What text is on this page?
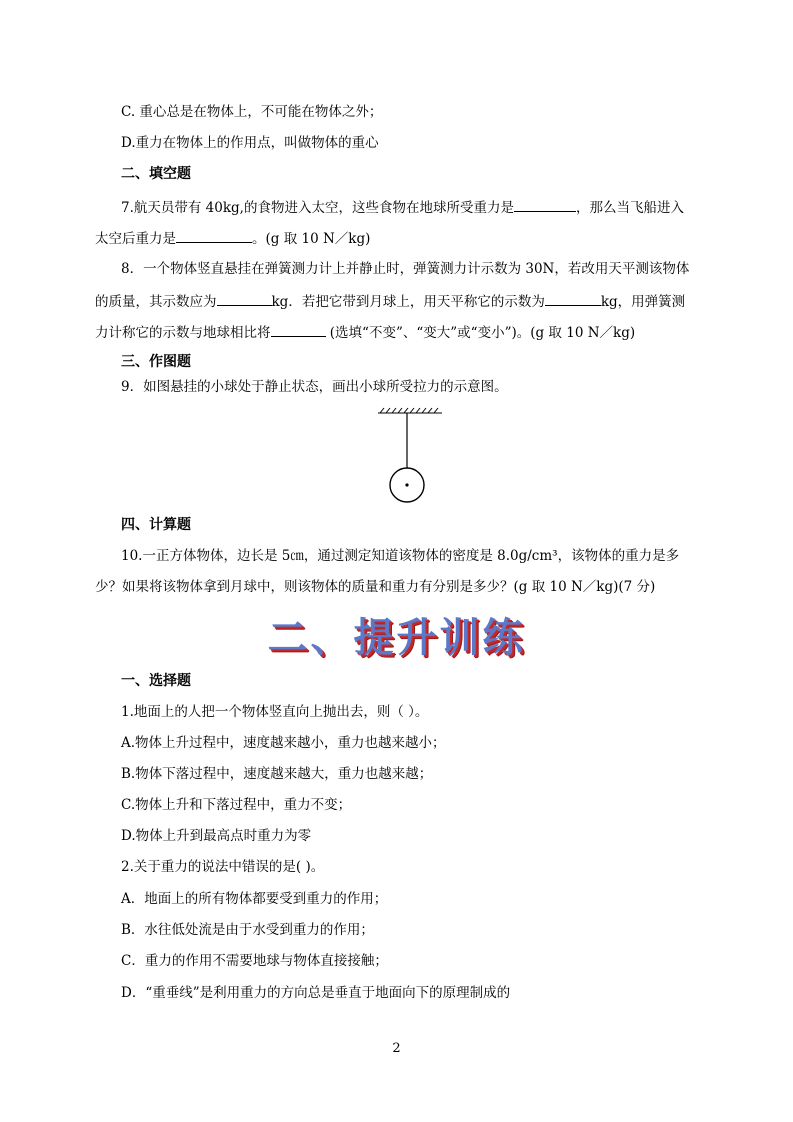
C. 重心总是在物体上，不可能在物体之外；
D.重力在物体上的作用点，叫做物体的重心
二、填空题
7.航天员带有 40kg,的食物进入太空，这些食物在地球所受重力是	，那么当飞船进入
太空后重力是	。(g 取 10 N／kg)
8．一个物体竖直悬挂在弹簧测力计上并静止时，弹簧测力计示数为 30N，若改用天平测该物体
的质量，其示数应为	kg．若把它带到月球上，用天平称它的示数为	kg，用弹簧测
力计称它的示数与地球相比将	(选填“不变”、“变大”或“变小”)。(g 取 10 N／kg)
三、作图题
9．如图悬挂的小球处于静止状态，画出小球所受拉力的示意图。
四、计算题
10.一正方体物体，边长是 5㎝，通过测定知道该物体的密度是 8.0g/cm³，该物体的重力是多
少？如果将该物体拿到月球中，则该物体的质量和重力有分别是多少？(g 取 10 N／kg)(7 分)
二、提升训练
一、选择题
1.地面上的人把一个物体竖直向上抛出去，则（ ）。
A.物体上升过程中，速度越来越小，重力也越来越小；
B.物体下落过程中，速度越来越大，重力也越来越；
C.物体上升和下落过程中，重力不变；
D.物体上升到最高点时重力为零
2.关于重力的说法中错误的是( )。
A．地面上的所有物体都要受到重力的作用；
B．水往低处流是由于水受到重力的作用；
C．重力的作用不需要地球与物体直接接触；
D．“重垂线”是利用重力的方向总是垂直于地面向下的原理制成的
2
